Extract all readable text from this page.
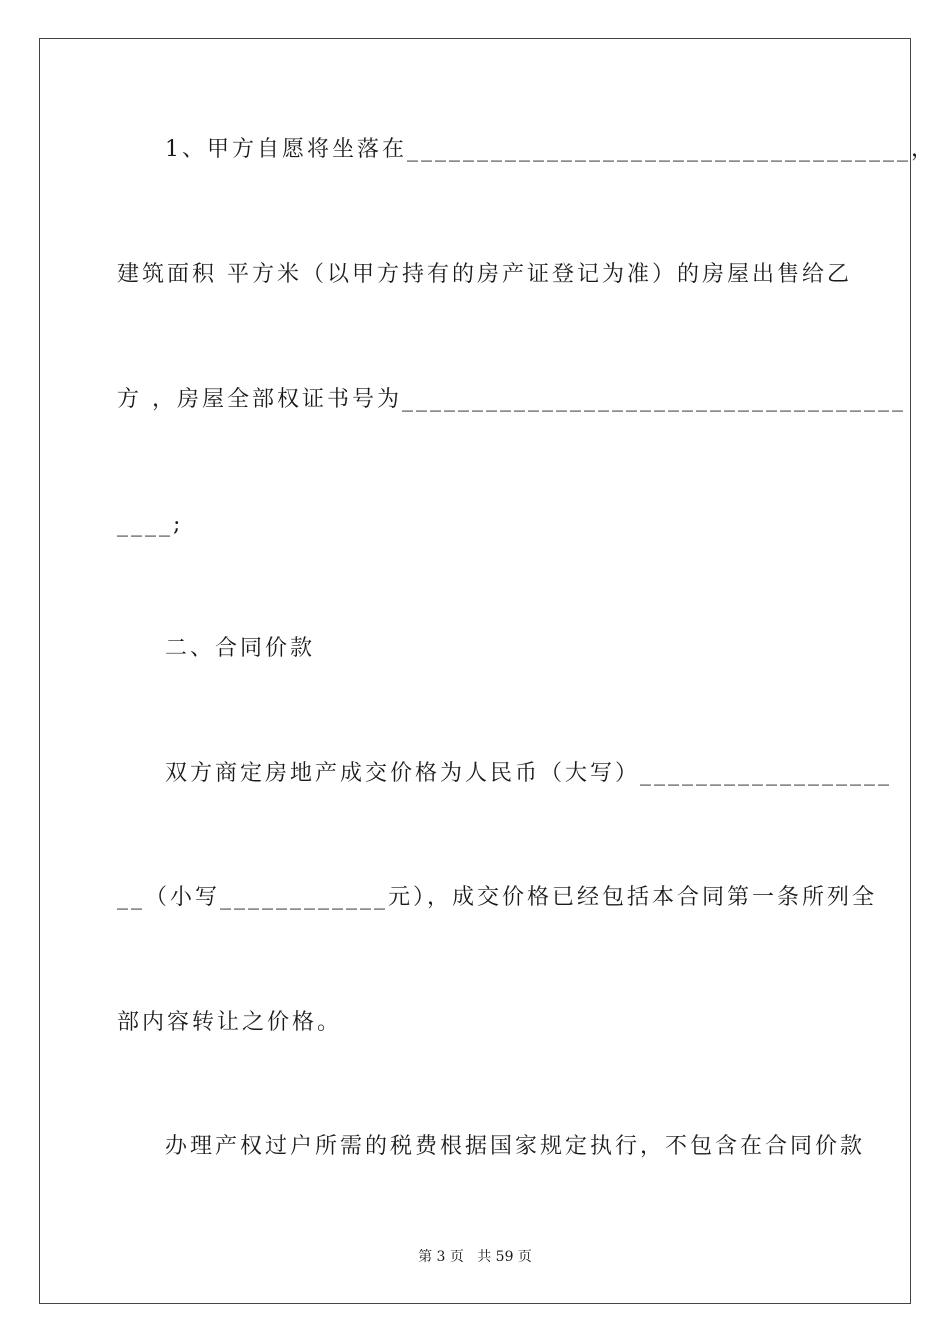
1、甲方自愿将坐落在____________________________________，
建筑面积 平方米（以甲方持有的房产证登记为准）的房屋出售给乙
方 ，房屋全部权证书号为____________________________________
____;
二、合同价款
双方商定房地产成交价格为人民币（大写）__________________
__（小写____________元），成交价格已经包括本合同第一条所列全
部内容转让之价格。
办理产权过户所需的税费根据国家规定执行，不包含在合同价款
第 3 页   共 59 页
